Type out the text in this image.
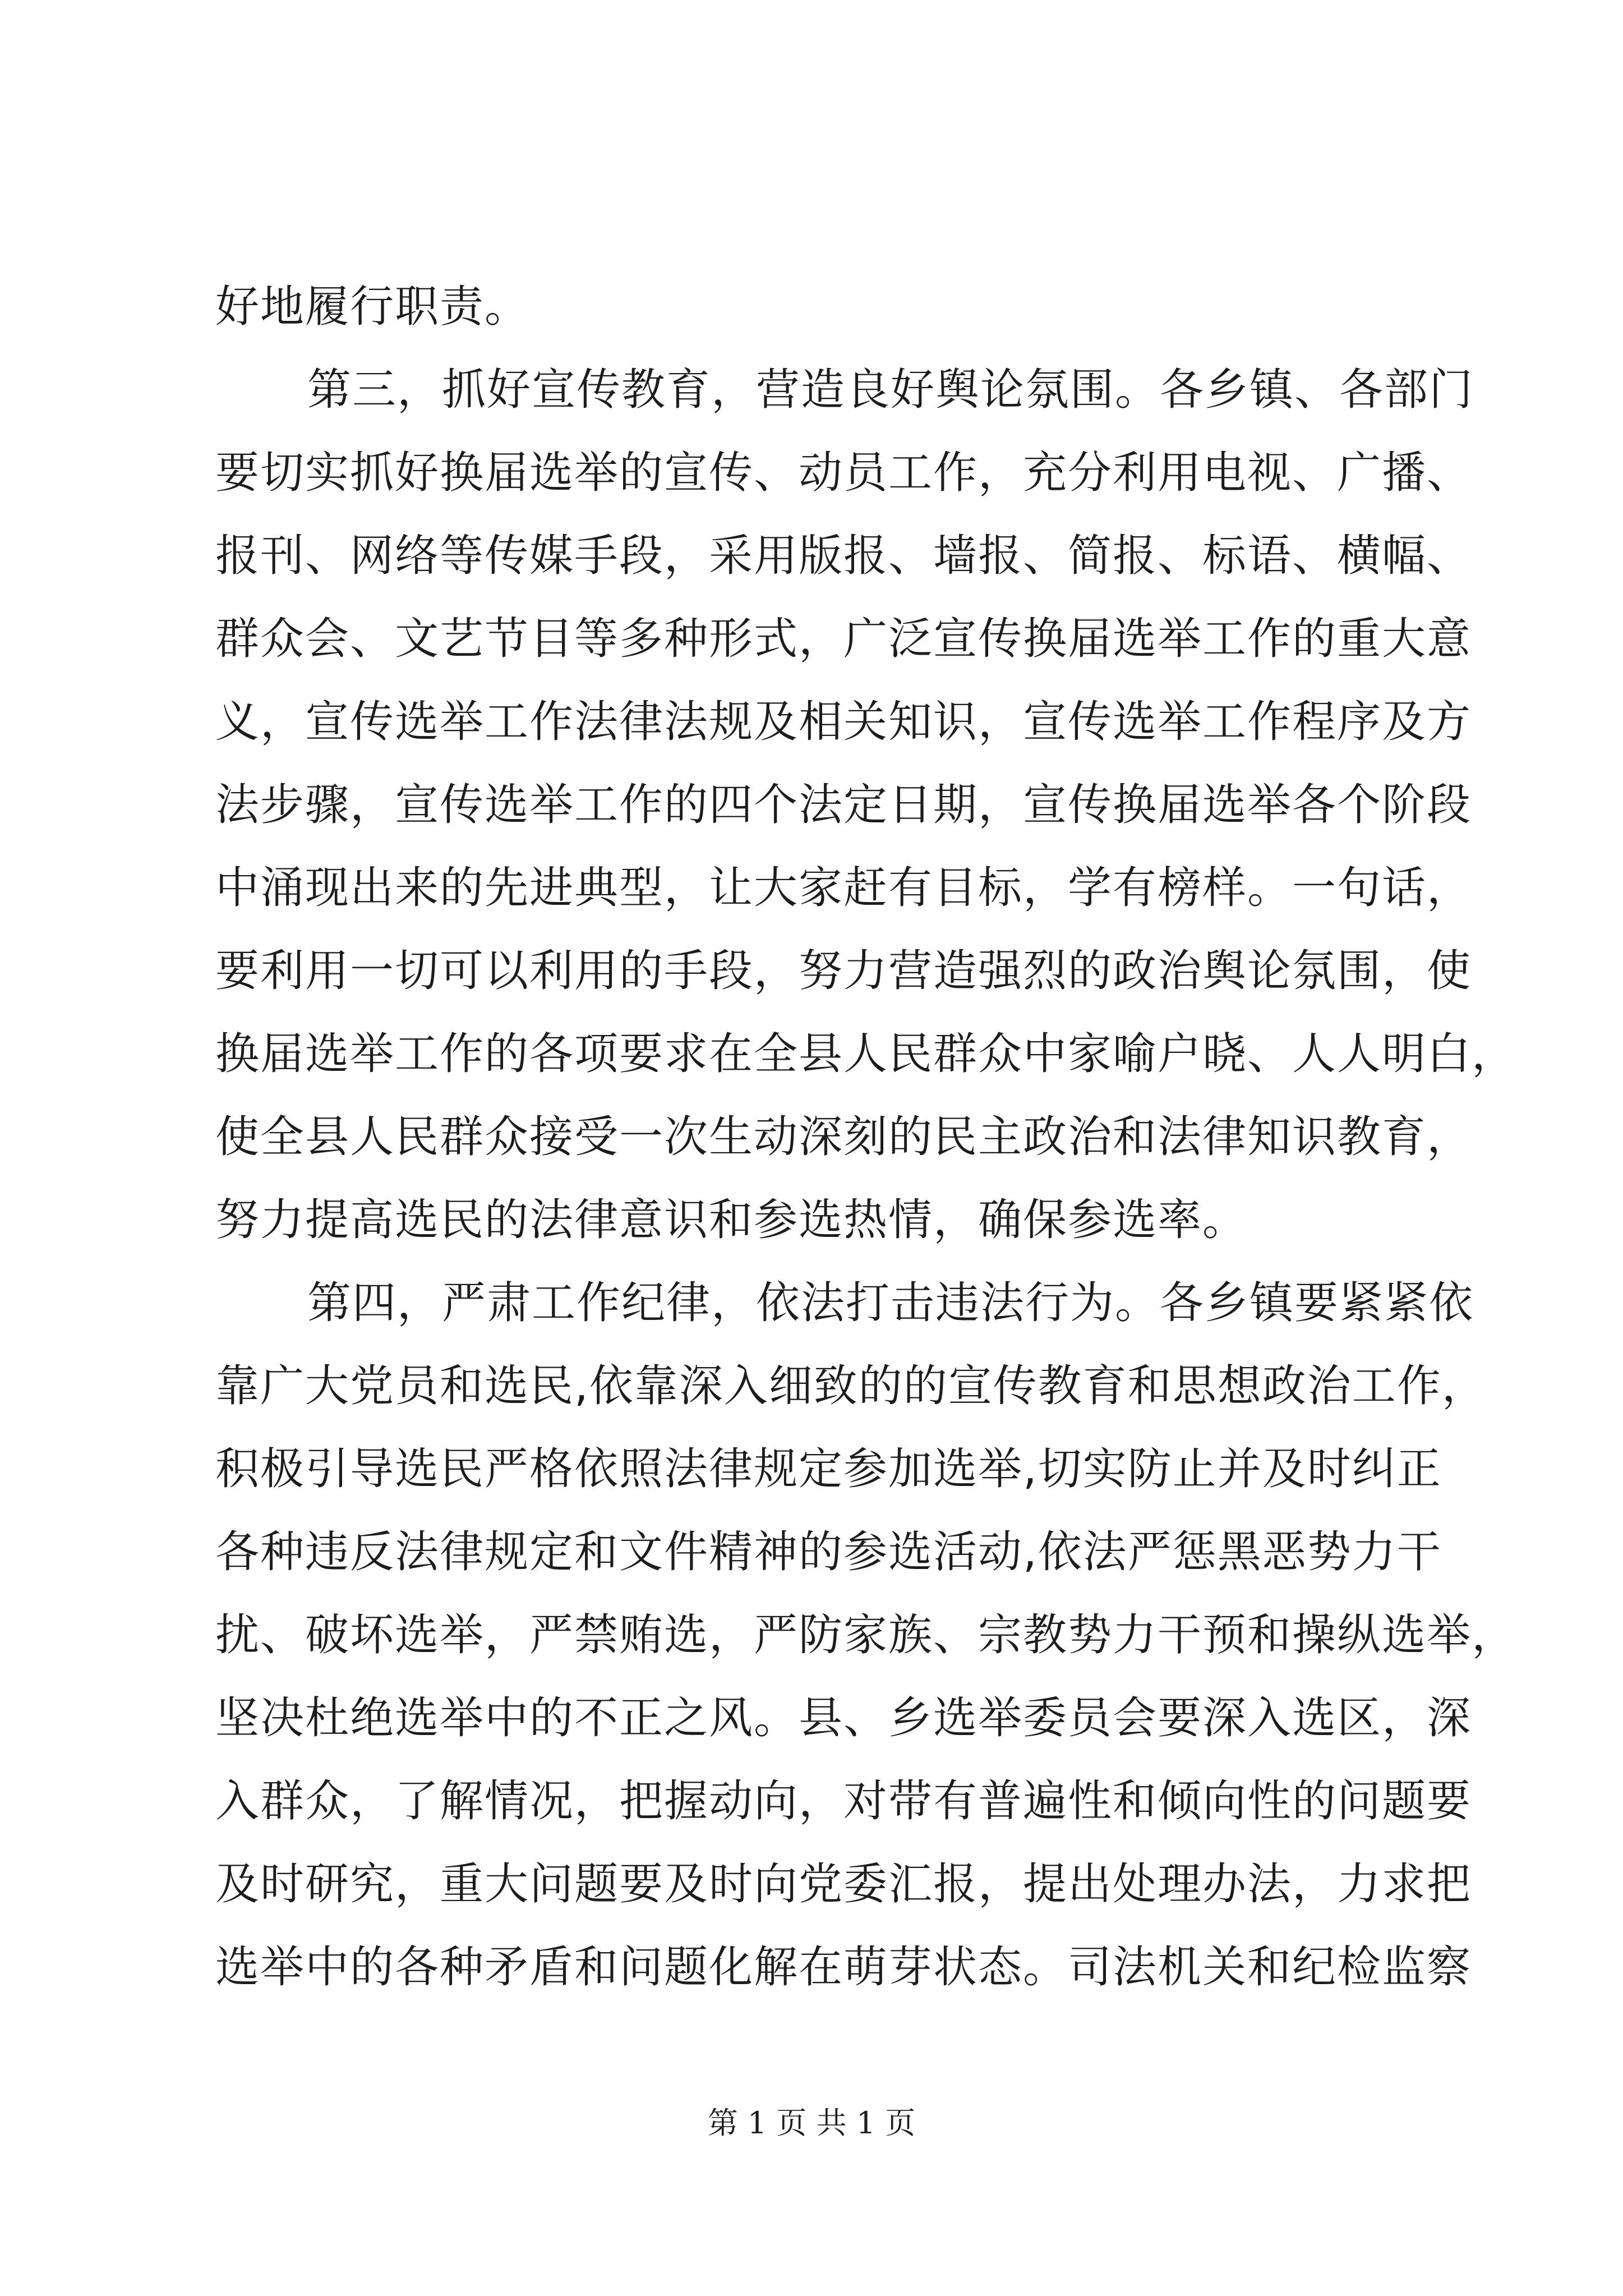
好地履行职责。
第三，抓好宣传教育，营造良好舆论氛围。各乡镇、各部门
要切实抓好换届选举的宣传、动员工作，充分利用电视、广播、
报刊、网络等传媒手段，采用版报、墙报、简报、标语、横幅、
群众会、文艺节目等多种形式，广泛宣传换届选举工作的重大意
义，宣传选举工作法律法规及相关知识，宣传选举工作程序及方
法步骤，宣传选举工作的四个法定日期，宣传换届选举各个阶段
中涌现出来的先进典型，让大家赶有目标，学有榜样。一句话，
要利用一切可以利用的手段，努力营造强烈的政治舆论氛围，使
换届选举工作的各项要求在全县人民群众中家喻户晓、人人明白，
使全县人民群众接受一次生动深刻的民主政治和法律知识教育，
努力提高选民的法律意识和参选热情，确保参选率。
第四，严肃工作纪律，依法打击违法行为。各乡镇要紧紧依
靠广大党员和选民,依靠深入细致的的宣传教育和思想政治工作，
积极引导选民严格依照法律规定参加选举,切实防止并及时纠正
各种违反法律规定和文件精神的参选活动,依法严惩黑恶势力干
扰、破坏选举，严禁贿选，严防家族、宗教势力干预和操纵选举，
坚决杜绝选举中的不正之风。县、乡选举委员会要深入选区，深
入群众，了解情况，把握动向，对带有普遍性和倾向性的问题要
及时研究，重大问题要及时向党委汇报，提出处理办法，力求把
选举中的各种矛盾和问题化解在萌芽状态。司法机关和纪检监察
第 1 页 共 1 页
